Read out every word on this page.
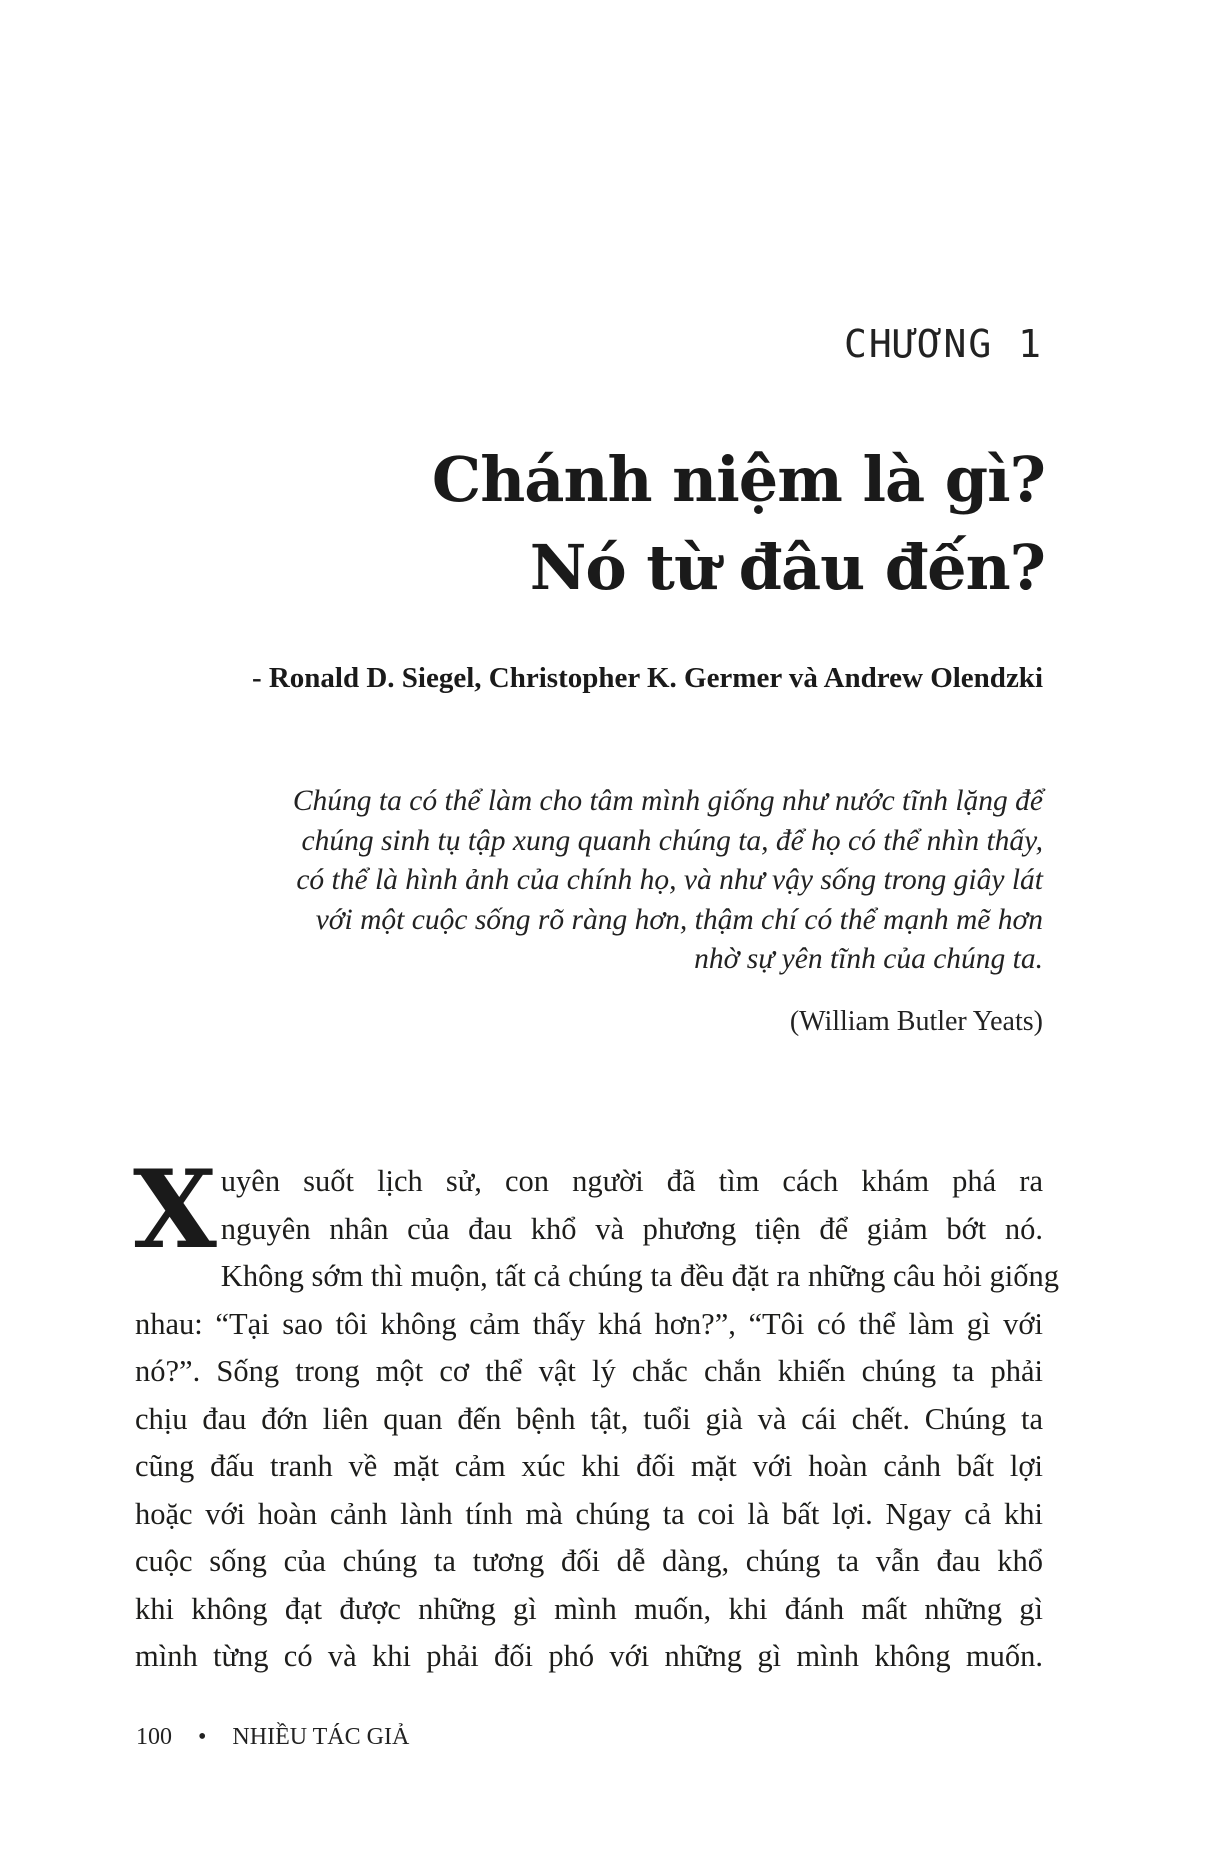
CHƯƠNG 1
Chánh niệm là gì?
Nó từ đâu đến?
- Ronald D. Siegel, Christopher K. Germer và Andrew Olendzki
Chúng ta có thể làm cho tâm mình giống như nước tĩnh lặng để
chúng sinh tụ tập xung quanh chúng ta, để họ có thể nhìn thấy,
có thể là hình ảnh của chính họ, và như vậy sống trong giây lát
với một cuộc sống rõ ràng hơn, thậm chí có thể mạnh mẽ hơn
nhờ sự yên tĩnh của chúng ta.
(William Butler Yeats)
X uyên suốt lịch sử, con người đã tìm cách khám phá ra
nguyên nhân của đau khổ và phương tiện để giảm bớt nó.
Không sớm thì muộn, tất cả chúng ta đều đặt ra những câu hỏi giống
nhau: “Tại sao tôi không cảm thấy khá hơn?”, “Tôi có thể làm gì với
nó?”. Sống trong một cơ thể vật lý chắc chắn khiến chúng ta phải
chịu đau đớn liên quan đến bệnh tật, tuổi già và cái chết. Chúng ta
cũng đấu tranh về mặt cảm xúc khi đối mặt với hoàn cảnh bất lợi
hoặc với hoàn cảnh lành tính mà chúng ta coi là bất lợi. Ngay cả khi
cuộc sống của chúng ta tương đối dễ dàng, chúng ta vẫn đau khổ
khi không đạt được những gì mình muốn, khi đánh mất những gì
mình từng có và khi phải đối phó với những gì mình không muốn.
100 • NHIỀU TÁC GIẢ
